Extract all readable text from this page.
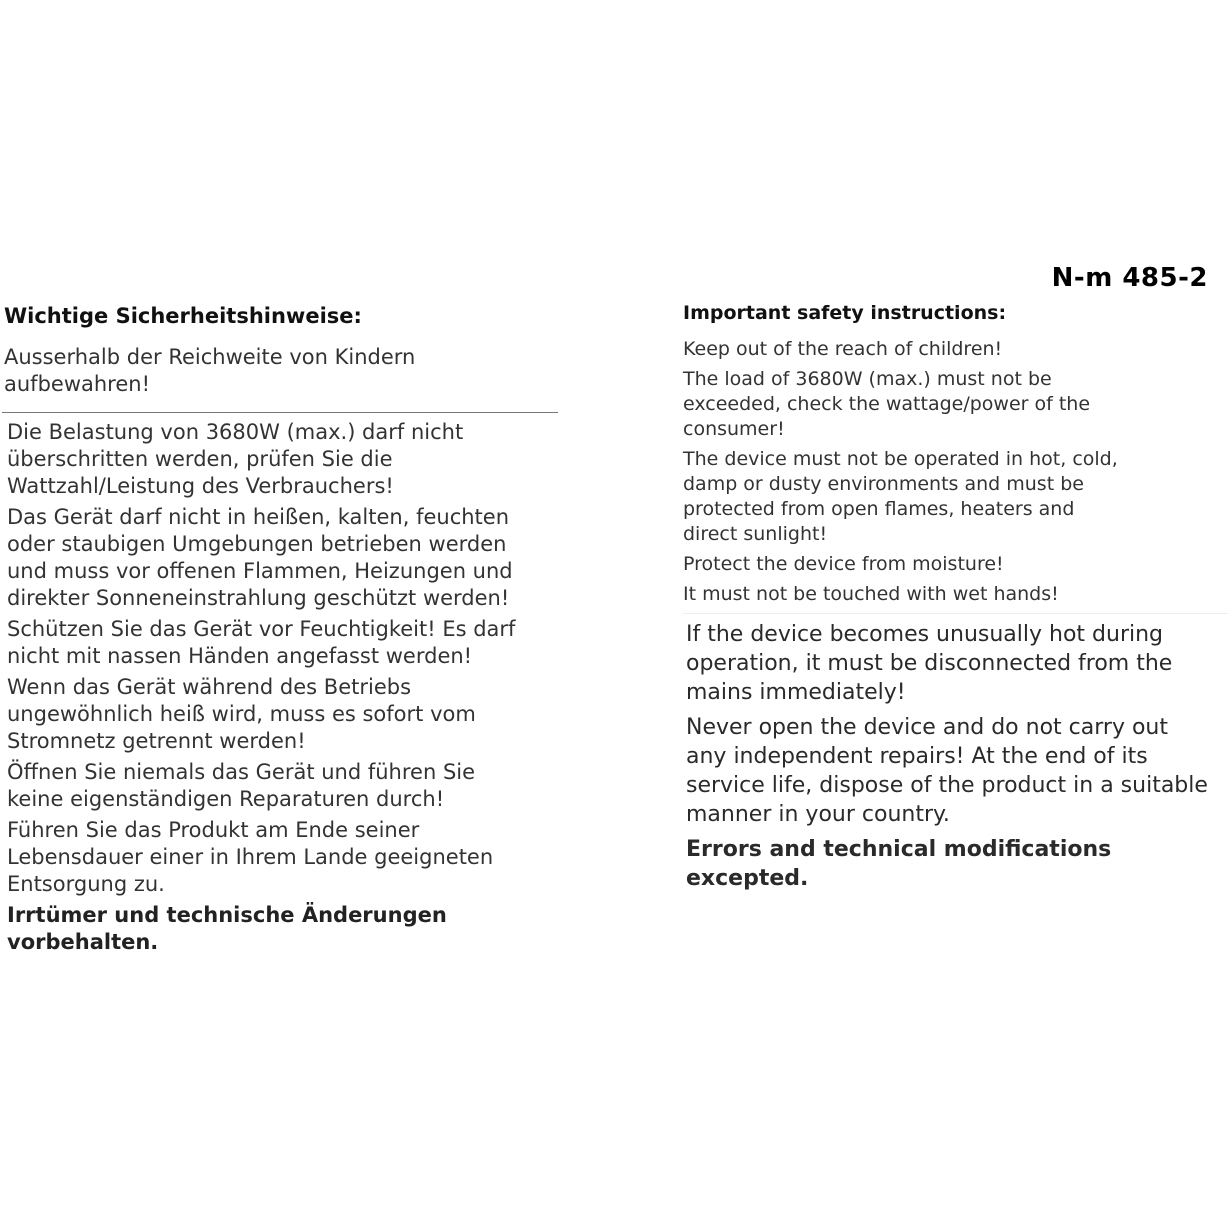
N-m 485-2
Wichtige Sicherheitshinweise:
Ausserhalb der Reichweite von Kindern
aufbewahren!
Die Belastung von 3680W (max.) darf nicht
überschritten werden, prüfen Sie die
Wattzahl/Leistung des Verbrauchers!
Das Gerät darf nicht in heißen, kalten, feuchten
oder staubigen Umgebungen betrieben werden
und muss vor offenen Flammen, Heizungen und
direkter Sonneneinstrahlung geschützt werden!
Schützen Sie das Gerät vor Feuchtigkeit! Es darf
nicht mit nassen Händen angefasst werden!
Wenn das Gerät während des Betriebs
ungewöhnlich heiß wird, muss es sofort vom
Stromnetz getrennt werden!
Öffnen Sie niemals das Gerät und führen Sie
keine eigenständigen Reparaturen durch!
Führen Sie das Produkt am Ende seiner
Lebensdauer einer in Ihrem Lande geeigneten
Entsorgung zu.
Irrtümer und technische Änderungen
vorbehalten.
Important safety instructions:
Keep out of the reach of children!
The load of 3680W (max.) must not be
exceeded, check the wattage/power of the
consumer!
The device must not be operated in hot, cold,
damp or dusty environments and must be
protected from open flames, heaters and
direct sunlight!
Protect the device from moisture!
It must not be touched with wet hands!
If the device becomes unusually hot during
operation, it must be disconnected from the
mains immediately!
Never open the device and do not carry out
any independent repairs! At the end of its
service life, dispose of the product in a suitable
manner in your country.
Errors and technical modifications excepted.
